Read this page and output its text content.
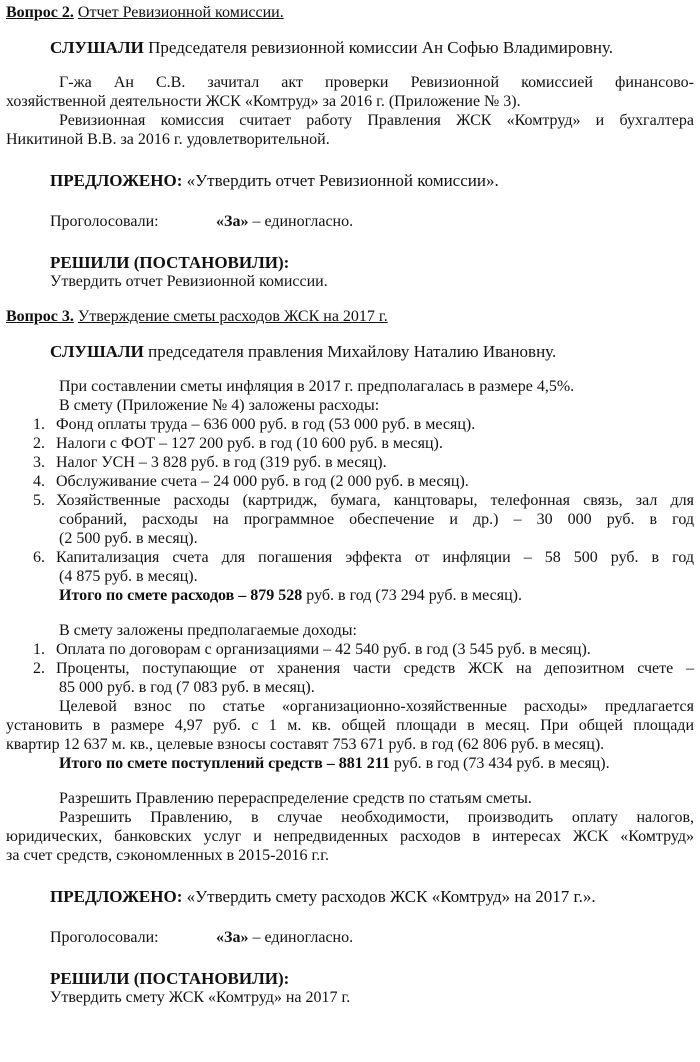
Вопрос 2. Отчет Ревизионной комиссии.
СЛУШАЛИ Председателя ревизионной комиссии Ан Софью Владимировну.
Г-жа Ан С.В. зачитал акт проверки Ревизионной комиссией финансово-
хозяйственной деятельности ЖСК «Комтруд» за 2016 г. (Приложение № 3).
Ревизионная комиссия считает работу Правления ЖСК «Комтруд» и бухгалтера
Никитиной В.В. за 2016 г. удовлетворительной.
ПРЕДЛОЖЕНО: «Утвердить отчет Ревизионной комиссии».
Проголосовали:	«За» – единогласно.
РЕШИЛИ (ПОСТАНОВИЛИ):
Утвердить отчет Ревизионной комиссии.
Вопрос 3. Утверждение сметы расходов ЖСК на 2017 г.
СЛУШАЛИ председателя правления Михайлову Наталию Ивановну.
При составлении сметы инфляция в 2017 г. предполагалась в размере 4,5%.
В смету (Приложение № 4) заложены расходы:
1. Фонд оплаты труда – 636 000 руб. в год (53 000 руб. в месяц).
2. Налоги с ФОТ – 127 200 руб. в год (10 600 руб. в месяц).
3. Налог УСН – 3 828 руб. в год (319 руб. в месяц).
4. Обслуживание счета – 24 000 руб. в год (2 000 руб. в месяц).
5. Хозяйственные расходы (картридж, бумага, канцтовары, телефонная связь, зал для
собраний, расходы на программное обеспечение и др.) – 30 000 руб. в год
(2 500 руб. в месяц).
6. Капитализация счета для погашения эффекта от инфляции – 58 500 руб. в год
(4 875 руб. в месяц).
Итого по смете расходов – 879 528 руб. в год (73 294 руб. в месяц).
В смету заложены предполагаемые доходы:
1. Оплата по договорам с организациями – 42 540 руб. в год (3 545 руб. в месяц).
2. Проценты, поступающие от хранения части средств ЖСК на депозитном счете –
85 000 руб. в год (7 083 руб. в месяц).
Целевой взнос по статье «организационно-хозяйственные расходы» предлагается
установить в размере 4,97 руб. с 1 м. кв. общей площади в месяц. При общей площади
квартир 12 637 м. кв., целевые взносы составят 753 671 руб. в год (62 806 руб. в месяц).
Итого по смете поступлений средств – 881 211 руб. в год (73 434 руб. в месяц).
Разрешить Правлению перераспределение средств по статьям сметы.
Разрешить Правлению, в случае необходимости, производить оплату налогов,
юридических, банковских услуг и непредвиденных расходов в интересах ЖСК «Комтруд»
за счет средств, сэкономленных в 2015-2016 г.г.
ПРЕДЛОЖЕНО: «Утвердить смету расходов ЖСК «Комтруд» на 2017 г.».
Проголосовали:	«За» – единогласно.
РЕШИЛИ (ПОСТАНОВИЛИ):
Утвердить смету ЖСК «Комтруд» на 2017 г.
